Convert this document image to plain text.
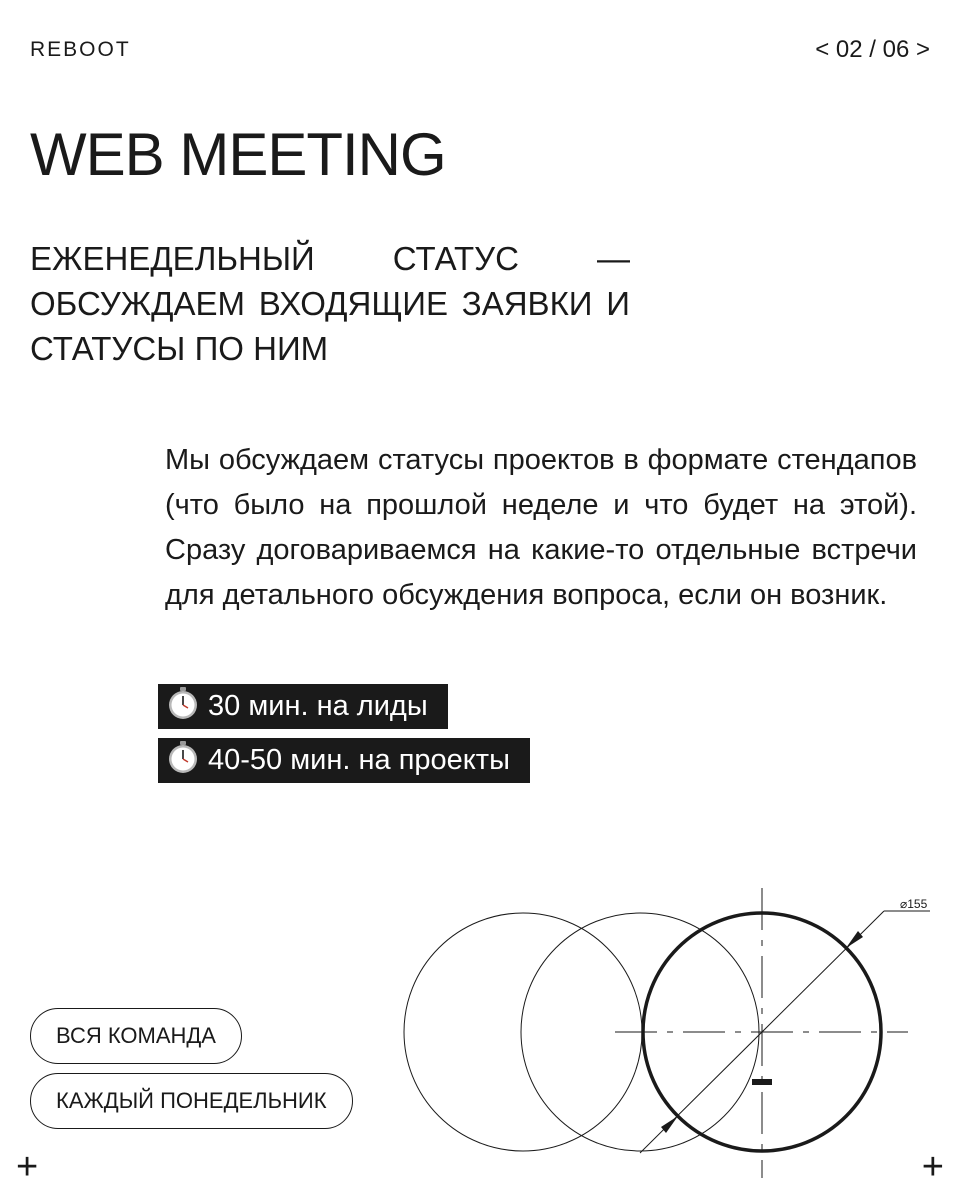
REBOOT	< 02 / 06 >
WEB MEETING
ЕЖЕНЕДЕЛЬНЫЙ СТАТУС — ОБСУЖДАЕМ ВХОДЯЩИЕ ЗАЯВКИ И СТАТУСЫ ПО НИМ
Мы обсуждаем статусы проектов в формате стендапов (что было на прошлой неделе и что будет на этой). Сразу договариваемся на какие-то отдельные встречи для детального обсуждения вопроса, если он возник.
30 мин. на лиды
40-50 мин. на проекты
⌀155
ВСЯ КОМАНДА
КАЖДЫЙ ПОНЕДЕЛЬНИК
+	+
